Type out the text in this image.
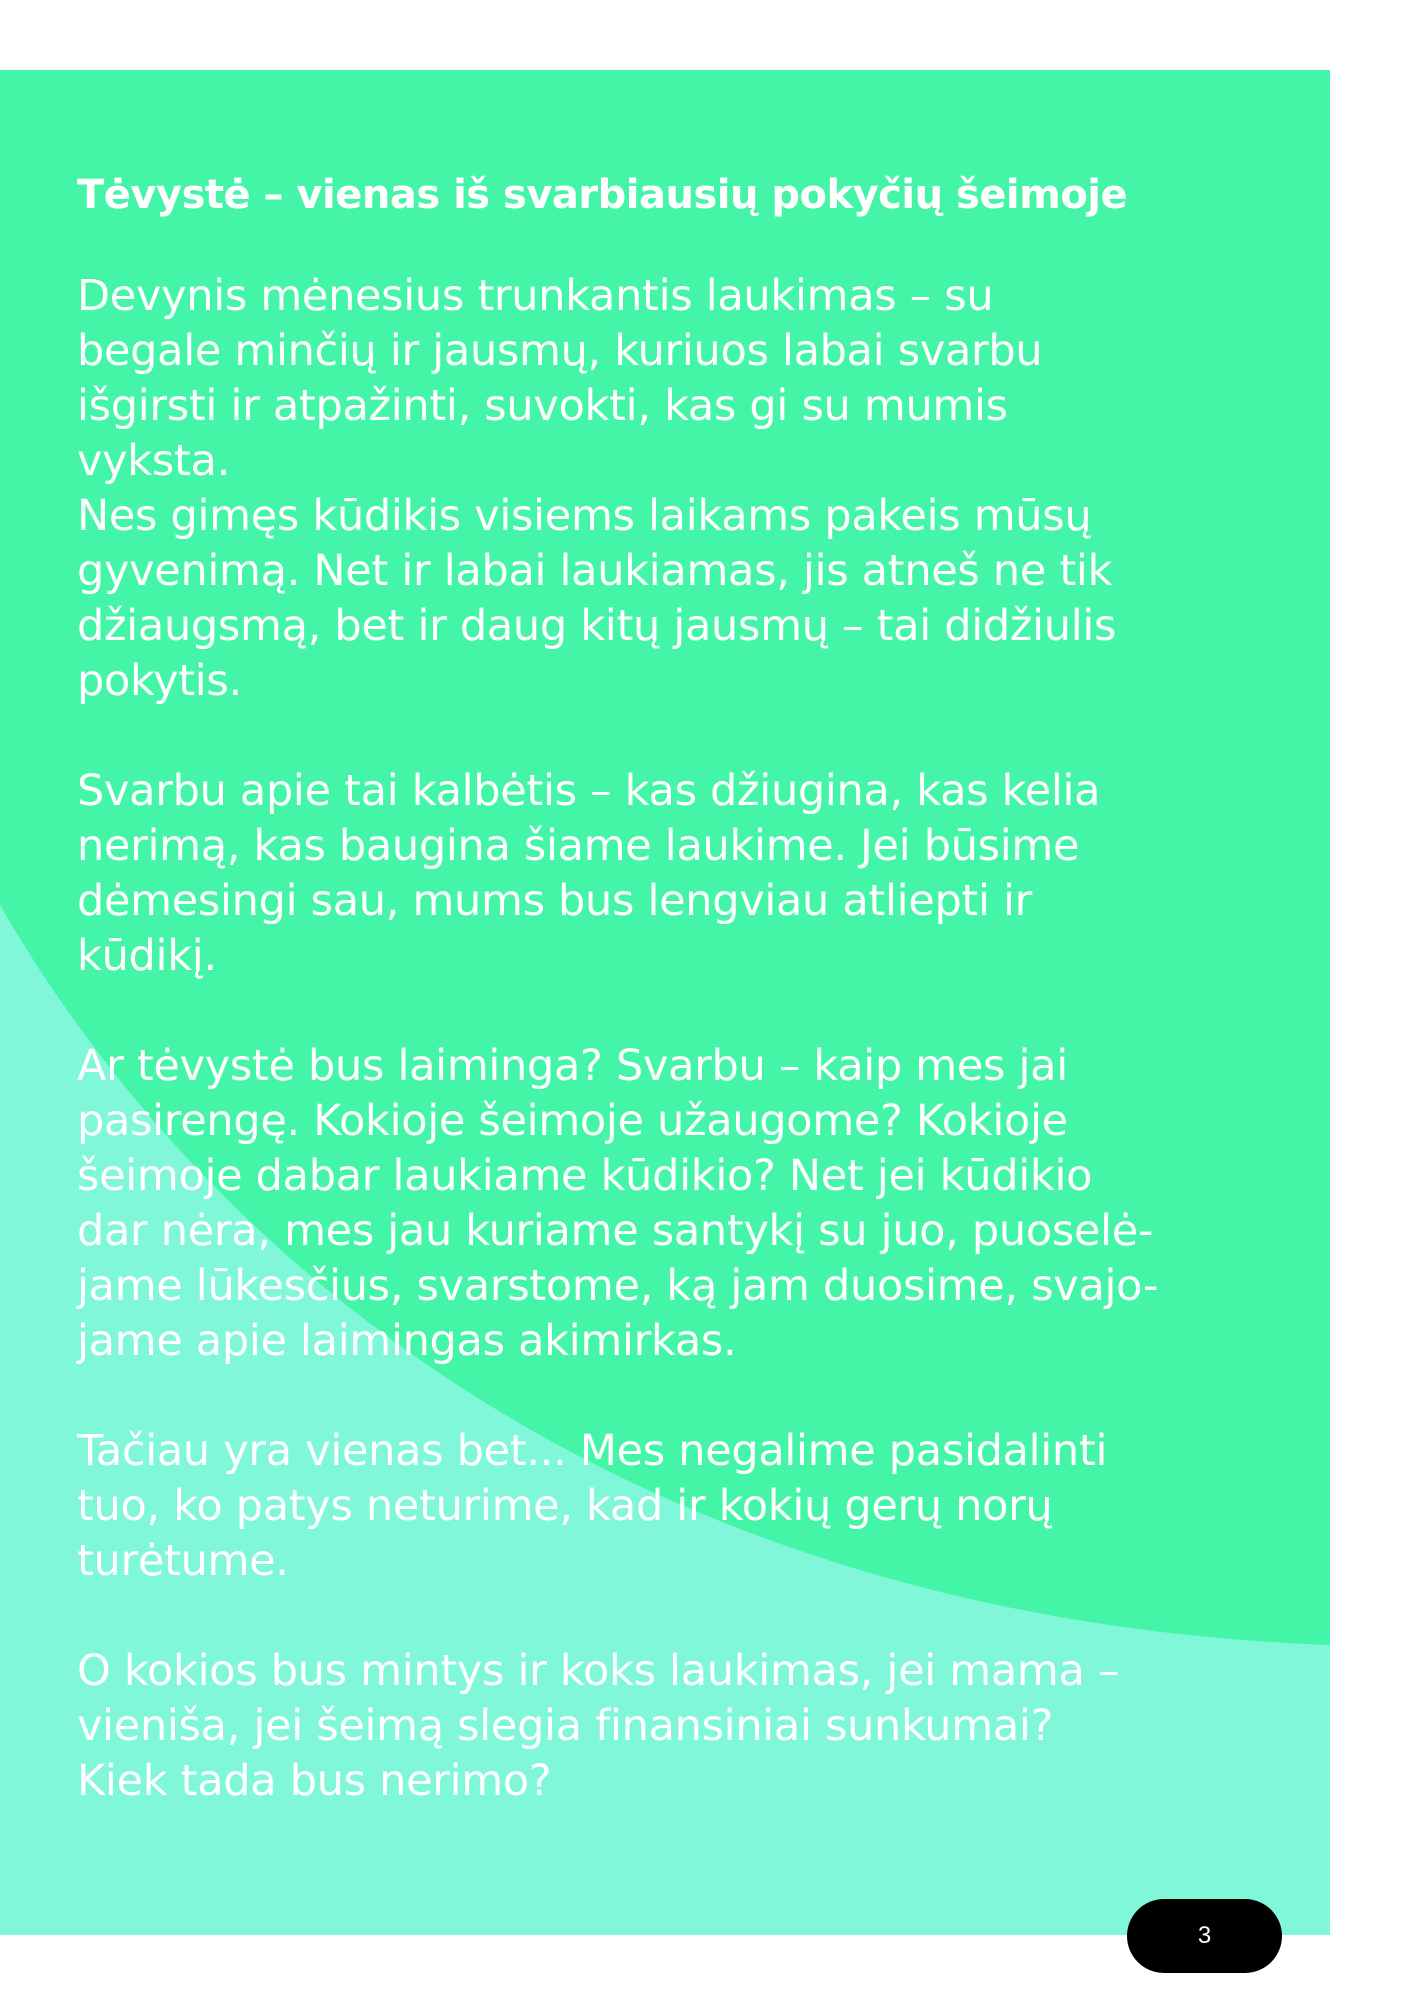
Tėvystė – vienas iš svarbiausių pokyčių šeimoje

Devynis mėnesius trunkantis laukimas – su
begale minčių ir jausmų, kuriuos labai svarbu
išgirsti ir atpažinti, suvokti, kas gi su mumis
vyksta.
Nes gimęs kūdikis visiems laikams pakeis mūsų
gyvenimą. Net ir labai laukiamas, jis atneš ne tik
džiaugsmą, bet ir daug kitų jausmų – tai didžiulis
pokytis.

Svarbu apie tai kalbėtis – kas džiugina, kas kelia
nerimą, kas baugina šiame laukime. Jei būsime
dėmesingi sau, mums bus lengviau atliepti ir
kūdikį.

Ar tėvystė bus laiminga? Svarbu – kaip mes jai
pasirengę. Kokioje šeimoje užaugome? Kokioje
šeimoje dabar laukiame kūdikio? Net jei kūdikio
dar nėra, mes jau kuriame santykį su juo, puoselė-
jame lūkesčius, svarstome, ką jam duosime, svajo-
jame apie laimingas akimirkas.

Tačiau yra vienas bet... Mes negalime pasidalinti
tuo, ko patys neturime, kad ir kokių gerų norų
turėtume.

O kokios bus mintys ir koks laukimas, jei mama –
vienišа, jei šeimą slegia finansiniai sunkumai?
Kiek tada bus nerimo?

3
